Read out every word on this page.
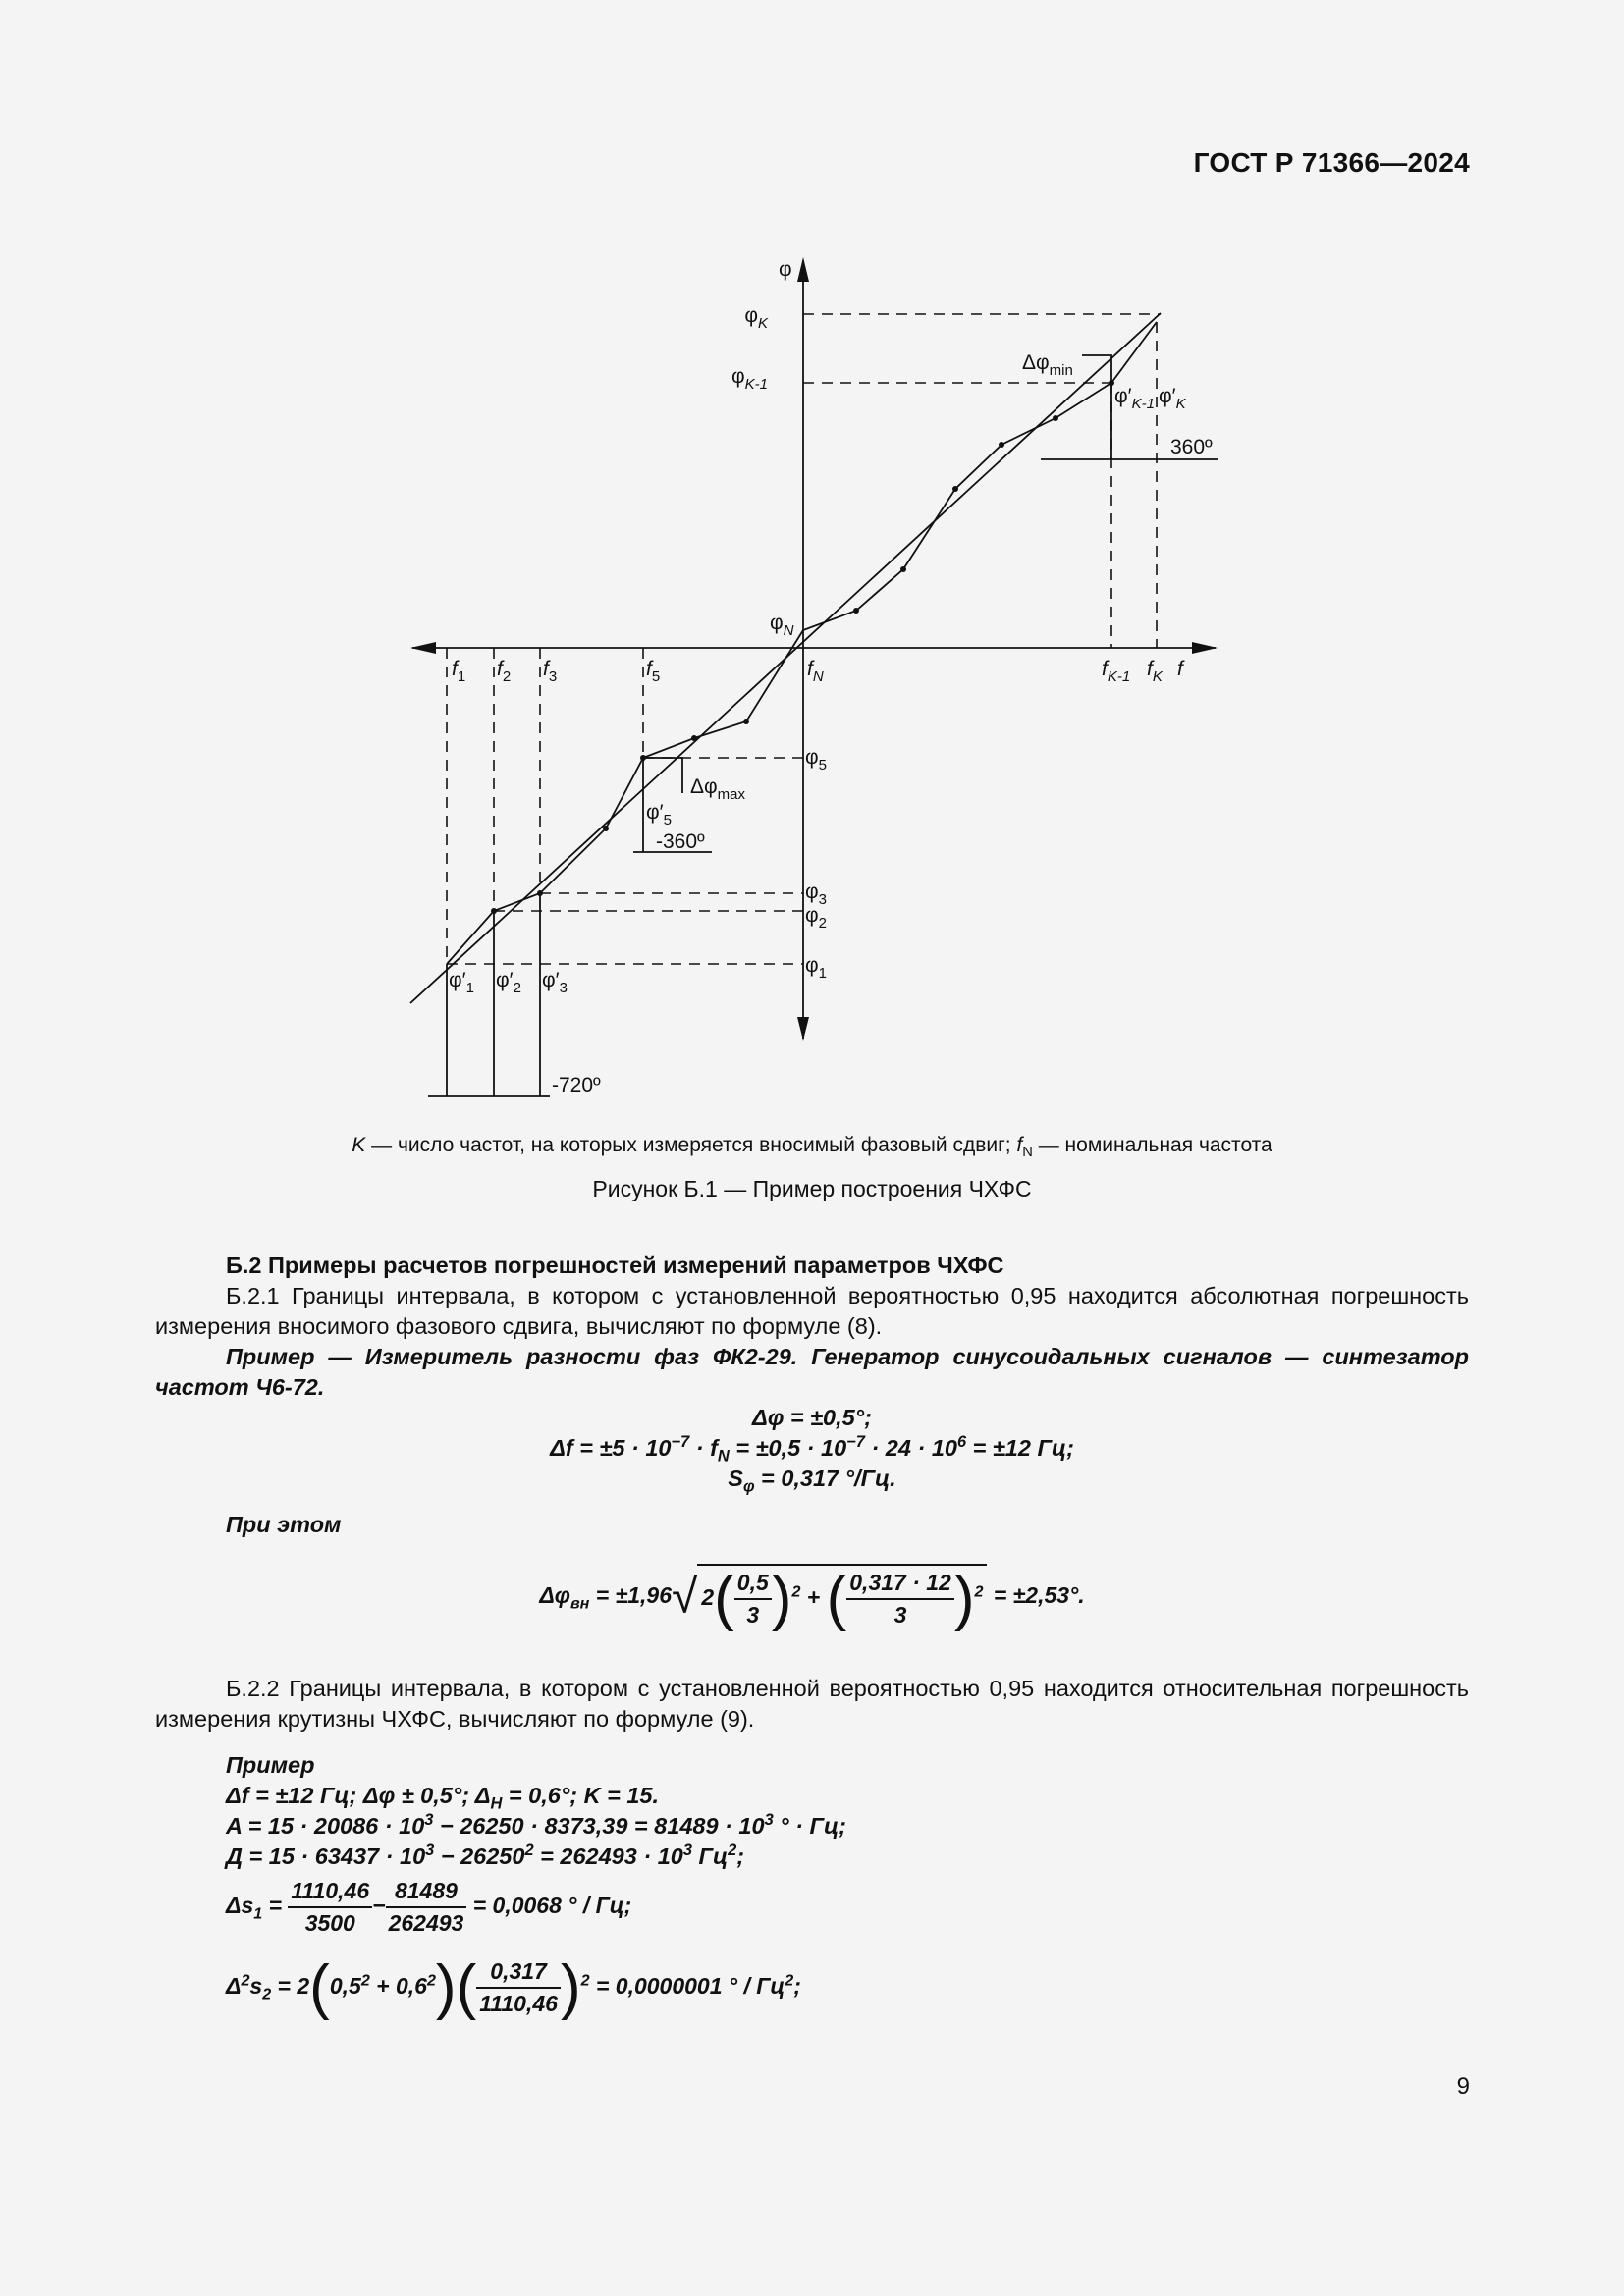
ГОСТ Р 71366—2024
φ
f
$\varphi_K$
$\varphi_{K-1}$
$\varphi_N$
$\varphi_5$
$\varphi_3$
$\varphi_2$
$\varphi_1$
$\Delta\varphi_{min}$
$\Delta\varphi_{max}$
$\varphi'_{K-1}$ $\varphi'_K$
$\varphi'_5$
$\varphi'_1$ $\varphi'_2$ $\varphi'_3$
$f_1$ $f_2$ $f_3$	$f_5$	$f_N$	$f_{K-1}$ $f_K$
360º
-360º
-720º
K — число частот, на которых измеряется вносимый фазовый сдвиг; $f_N$ — номинальная частота
Рисунок Б.1 — Пример построения ЧХФС
Б.2 Примеры расчетов погрешностей измерений параметров ЧХФС
Б.2.1 Границы интервала, в котором с установленной вероятностью 0,95 находится абсолютная погрешность измерения вносимого фазового сдвига, вычисляют по формуле (8).
Пример — Измеритель разности фаз ФК2-29. Генератор синусоидальных сигналов — синтезатор частот Ч6-72.
Δφ = ±0,5°;
$\Delta f = \pm 5 \cdot 10^{-7} \cdot f_N = \pm 0,5 \cdot 10^{-7} \cdot 24 \cdot 10^6 = \pm 12$ Гц;
$S_\varphi = 0,317$ °/Гц.
При этом
$\Delta\varphi_{вн} = \pm 1,96√$ $2( \frac{0,5}{3} )^2$ + ( $\frac{0,317 \cdot 12}{3} )^2 = \pm 2,53^\circ$.
Б.2.2 Границы интервала, в котором с установленной вероятностью 0,95 находится относительная погрешность измерения крутизны ЧХФС, вычисляют по формуле (9).
Пример
Δf = ±12 Гц; Δφ ± 0,5°; $\Delta_Н = 0,6^\circ$; K = 15.
$A = 15 \cdot 20086 \cdot 10^3 - 26250 \cdot 8373,39 = 81489 \cdot 10^3$ ° · Гц;
$Д = 15 \cdot 63437 \cdot 10^3 - 26250^2 = 262493 \cdot 10^3$ $Гц^2$;
$\Delta s_1 = \frac{1110,46}{3500} - \frac{81489}{262493} = 0,0068$ ° / Гц;
$\Delta^2s_2 = 2(0,5^2 + 0,6^2)( \frac{0,317}{1110,46} )^2 = 0,0000001$ ° / $Гц^2$;
9
